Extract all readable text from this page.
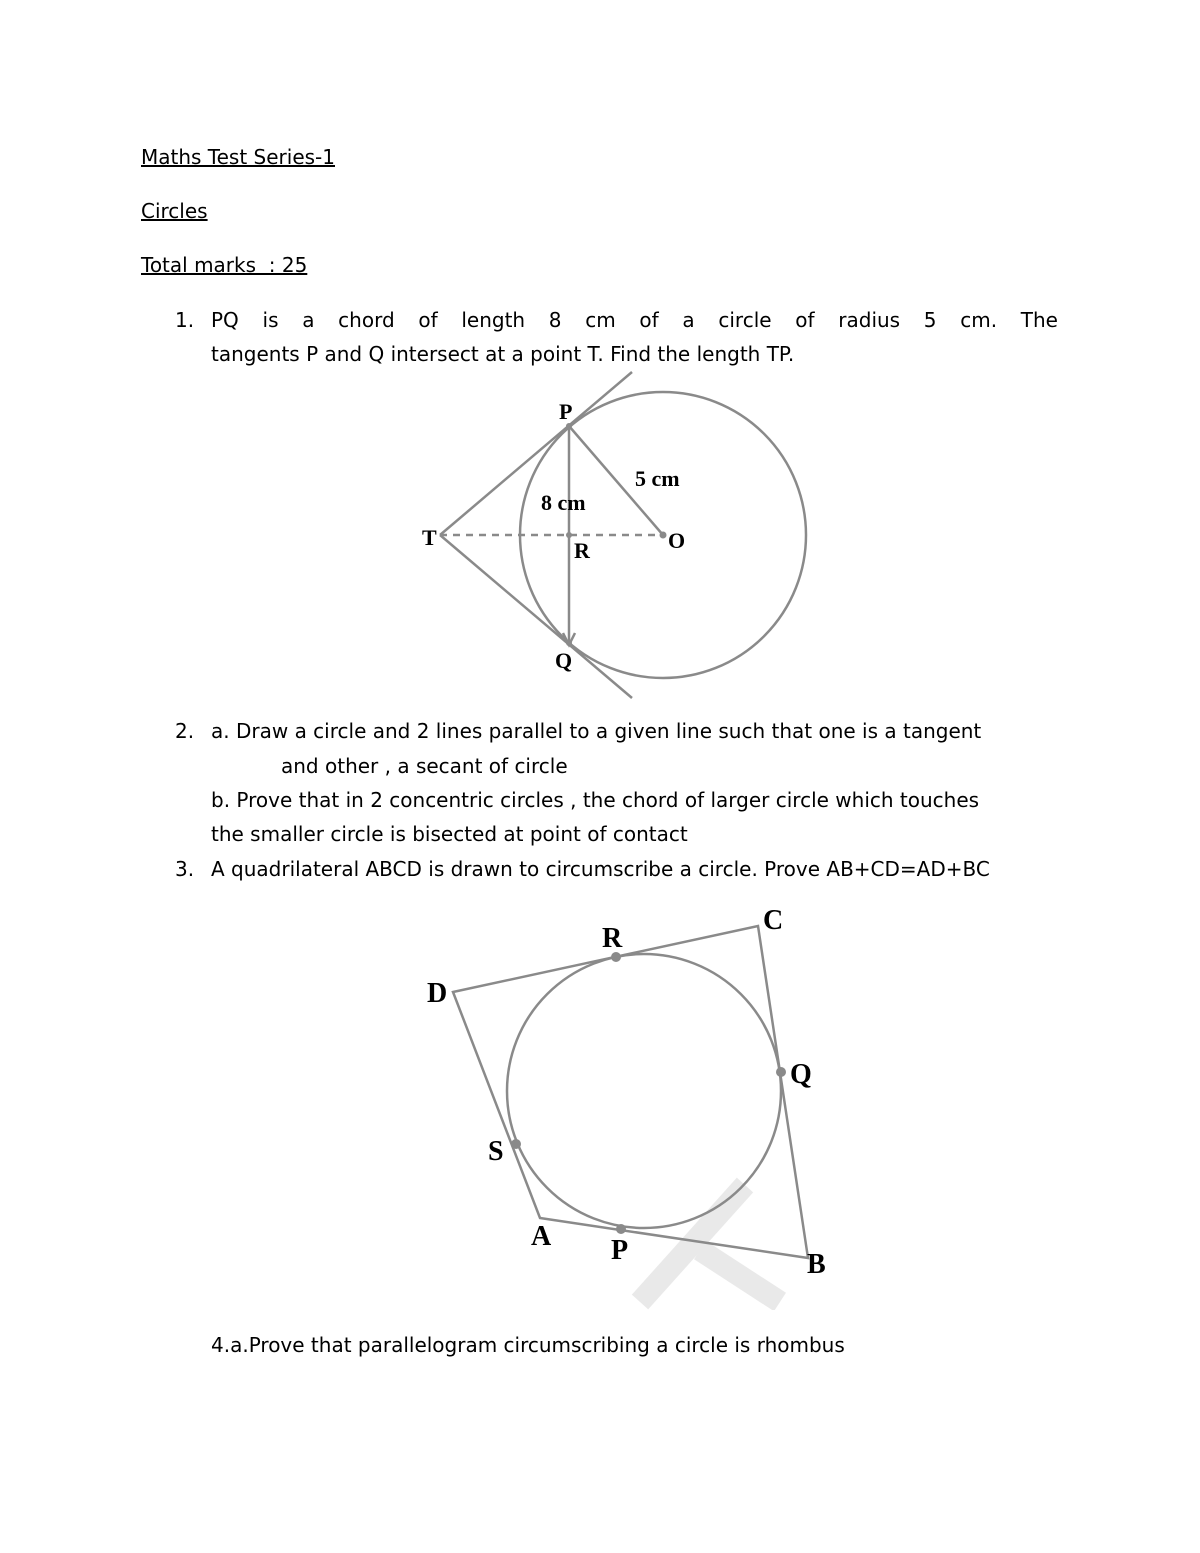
Maths Test Series-1
Circles
Total marks  : 25
1. PQ is a chord of length 8 cm of a circle of radius 5 cm. The
tangents P and Q intersect at a point T. Find the length TP.
P
Q
T
R	O
8 cm
5 cm
2. a. Draw a circle and 2 lines parallel to a given line such that one is a tangent
and other , a secant of circle
b. Prove that in 2 concentric circles , the chord of larger circle which touches
the smaller circle is bisected at point of contact
3. A quadrilateral ABCD is drawn to circumscribe a circle. Prove AB+CD=AD+BC
C
R
D
Q
S
A P	B
4.a.Prove that parallelogram circumscribing a circle is rhombus
